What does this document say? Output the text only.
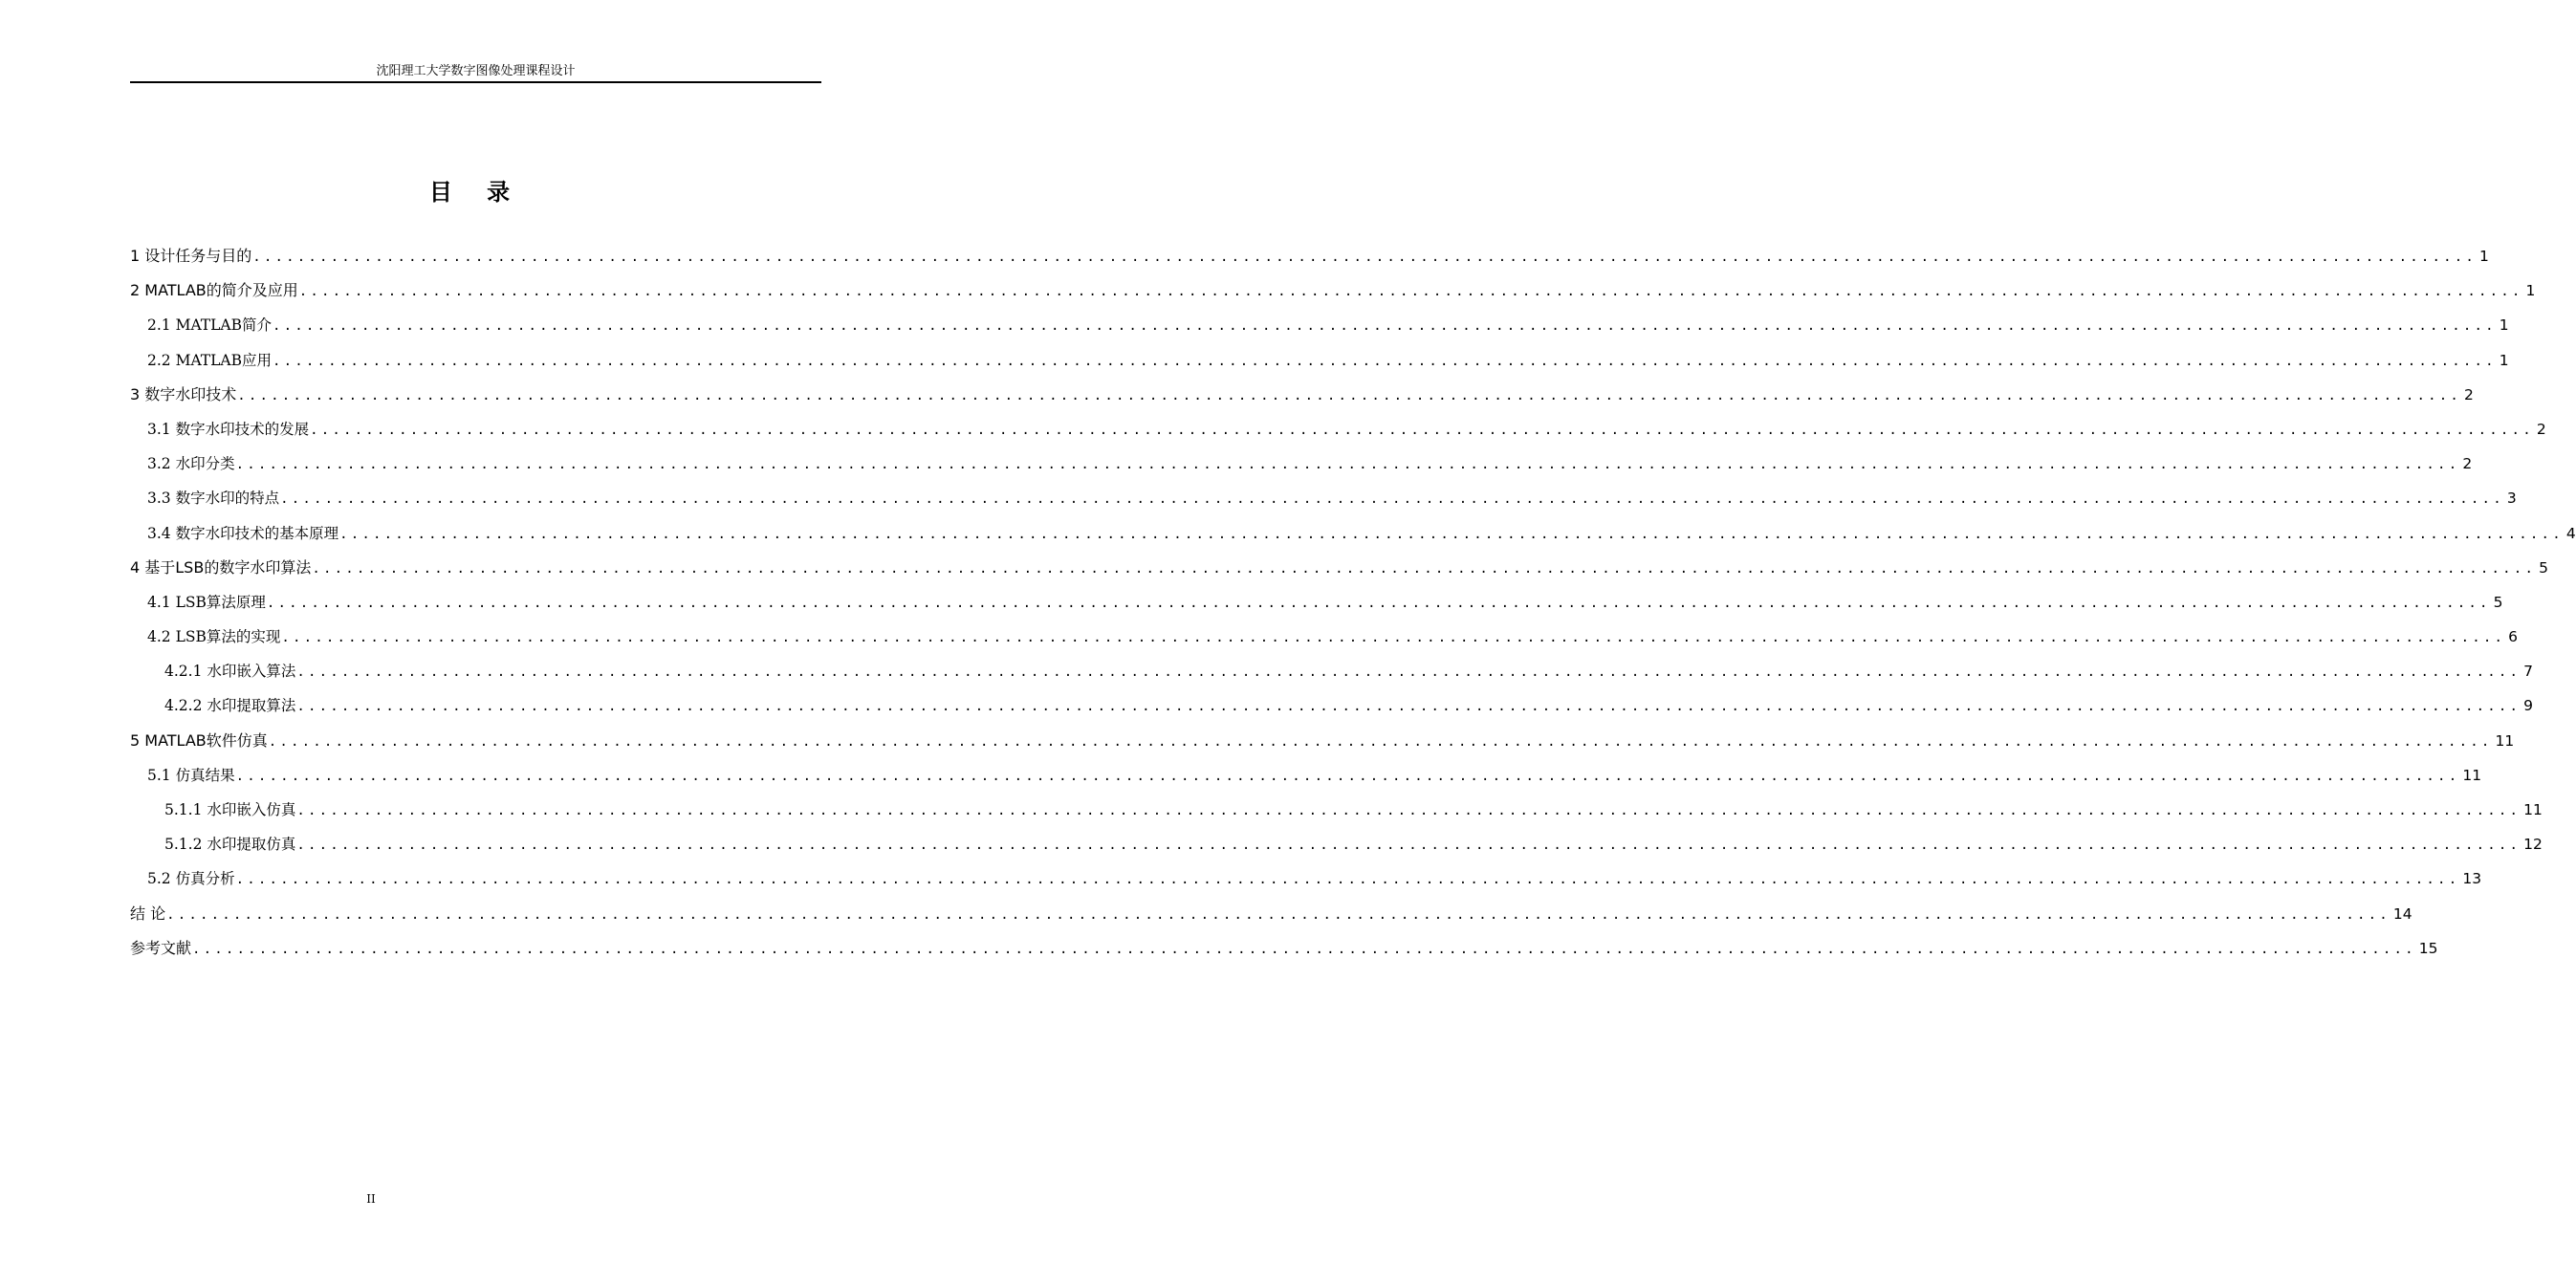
沈阳理工大学数字图像处理课程设计
目 录
1 设计任务与目的 ........................................................................................................................................................................................................ 1
2 MATLAB的简介及应用 ........................................................................................................................................................................................................ 1
2.1 MATLAB简介 ........................................................................................................................................................................................................ 1
2.2 MATLAB应用 ........................................................................................................................................................................................................ 1
3 数字水印技术 ........................................................................................................................................................................................................ 2
3.1 数字水印技术的发展 ........................................................................................................................................................................................................ 2
3.2 水印分类 ........................................................................................................................................................................................................ 2
3.3 数字水印的特点 ........................................................................................................................................................................................................ 3
3.4 数字水印技术的基本原理 ........................................................................................................................................................................................................ 4
4 基于LSB的数字水印算法 ........................................................................................................................................................................................................ 5
4.1 LSB算法原理 ........................................................................................................................................................................................................ 5
4.2 LSB算法的实现 ........................................................................................................................................................................................................ 6
4.2.1 水印嵌入算法 ........................................................................................................................................................................................................ 7
4.2.2 水印提取算法 ........................................................................................................................................................................................................ 9
5 MATLAB软件仿真 ........................................................................................................................................................................................................ 11
5.1 仿真结果 ........................................................................................................................................................................................................ 11
5.1.1 水印嵌入仿真 ........................................................................................................................................................................................................ 11
5.1.2 水印提取仿真 ........................................................................................................................................................................................................ 12
5.2 仿真分析 ........................................................................................................................................................................................................ 13
结 论 ........................................................................................................................................................................................................ 14
参考文献 ........................................................................................................................................................................................................ 15
II
